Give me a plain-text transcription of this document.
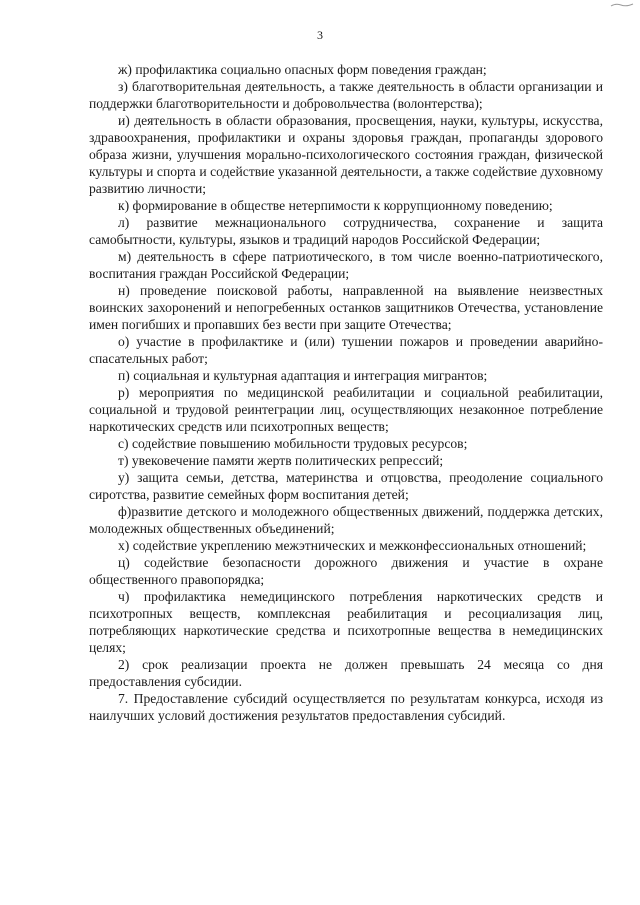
3

ж) профилактика социально опасных форм поведения граждан;

з) благотворительная деятельность, а также деятельность в области организации и поддержки благотворительности и добровольчества (волонтерства);

и) деятельность в области образования, просвещения, науки, культуры, искусства, здравоохранения, профилактики и охраны здоровья граждан, пропаганды здорового образа жизни, улучшения морально-психологического состояния граждан, физической культуры и спорта и содействие указанной деятельности, а также содействие духовному развитию личности;

к) формирование в обществе нетерпимости к коррупционному поведению;

л) развитие межнационального сотрудничества, сохранение и защита самобытности, культуры, языков и традиций народов Российской Федерации;

м) деятельность в сфере патриотического, в том числе военно-патриотического, воспитания граждан Российской Федерации;

н) проведение поисковой работы, направленной на выявление неизвестных воинских захоронений и непогребенных останков защитников Отечества, установление имен погибших и пропавших без вести при защите Отечества;

о) участие в профилактике и (или) тушении пожаров и проведении аварийно-спасательных работ;

п) социальная и культурная адаптация и интеграция мигрантов;

р) мероприятия по медицинской реабилитации и социальной реабилитации, социальной и трудовой реинтеграции лиц, осуществляющих незаконное потребление наркотических средств или психотропных веществ;

с) содействие повышению мобильности трудовых ресурсов;

т) увековечение памяти жертв политических репрессий;

у) защита семьи, детства, материнства и отцовства, преодоление социального сиротства, развитие семейных форм воспитания детей;

ф)развитие детского и молодежного общественных движений, поддержка детских, молодежных общественных объединений;

х) содействие укреплению межэтнических и межконфессиональных отношений;

ц) содействие безопасности дорожного движения и участие в охране общественного правопорядка;

ч) профилактика немедицинского потребления наркотических средств и психотропных веществ, комплексная реабилитация и ресоциализация лиц, потребляющих наркотические средства и психотропные вещества в немедицинских целях;

2) срок реализации проекта не должен превышать 24 месяца со дня предоставления субсидии.

7. Предоставление субсидий осуществляется по результатам конкурса, исходя из наилучших условий достижения результатов предоставления субсидий.
